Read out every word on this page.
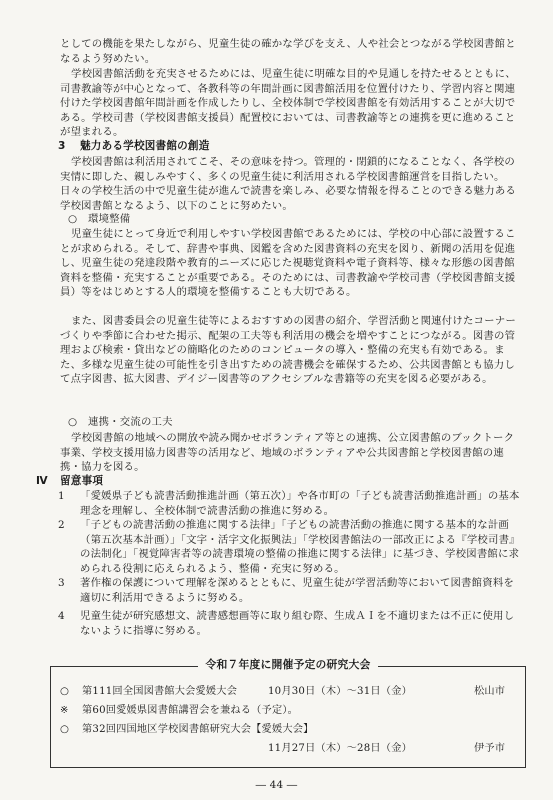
としての機能を果たしながら、児童生徒の確かな学びを支え、人や社会とつながる学校図書館となるよう努めたい。

学校図書館活動を充実させるためには、児童生徒に明確な目的や見通しを持たせるとともに、司書教諭等が中心となって、各教科等の年間計画に図書館活用を位置付けたり、学習内容と関連付けた学校図書館年間計画を作成したりし、全校体制で学校図書館を有効活用することが大切である。学校司書（学校図書館支援員）配置校においては、司書教諭等との連携を更に進めることが望まれる。

3 魅力ある学校図書館の創造

学校図書館は利活用されてこそ、その意味を持つ。管理的・閉鎖的になることなく、各学校の実情に即した、親しみやすく、多くの児童生徒に利活用される学校図書館運営を目指したい。日々の学校生活の中で児童生徒が進んで読書を楽しみ、必要な情報を得ることのできる魅力ある学校図書館となるよう、以下のことに努めたい。

○ 環境整備

児童生徒にとって身近で利用しやすい学校図書館であるためには、学校の中心部に設置することが求められる。そして、辞書や事典、図鑑を含めた図書資料の充実を図り、新聞の活用を促進し、児童生徒の発達段階や教育的ニーズに応じた視聴覚資料や電子資料等、様々な形態の図書館資料を整備・充実することが重要である。そのためには、司書教諭や学校司書（学校図書館支援員）等をはじめとする人的環境を整備することも大切である。

また、図書委員会の児童生徒等によるおすすめの図書の紹介、学習活動と関連付けたコーナーづくりや季節に合わせた掲示、配架の工夫等も利活用の機会を増やすことにつながる。図書の管理および検索・貸出などの簡略化のためのコンピュータの導入・整備の充実も有効である。また、多様な児童生徒の可能性を引き出すための読書機会を確保するため、公共図書館とも協力して点字図書、拡大図書、デイジー図書等のアクセシブルな書籍等の充実を図る必要がある。

○ 連携・交流の工夫

学校図書館の地域への開放や読み聞かせボランティア等との連携、公立図書館のブックトーク事業、学校支援用協力図書等の活用など、地域のボランティアや公共図書館と学校図書館の連携・協力を図る。

Ⅳ 留意事項
1	「愛媛県子ども読書活動推進計画（第五次）」や各市町の「子ども読書活動推進計画」の基本理念を理解し、全校体制で読書活動の推進に努める。
2	「子どもの読書活動の推進に関する法律」「子どもの読書活動の推進に関する基本的な計画（第五次基本計画）」「文字・活字文化振興法」「学校図書館法の一部改正による『学校司書』の法制化」「視覚障害者等の読書環境の整備の推進に関する法律」に基づき、学校図書館に求められる役割に応えられるよう、整備・充実に努める。
3	著作権の保護について理解を深めるとともに、児童生徒が学習活動等において図書館資料を適切に利活用できるように努める。
4	児童生徒が研究感想文、読書感想画等に取り組む際、生成ＡＩを不適切または不正に使用しないように指導に努める。
令和７年度に開催予定の研究大会
○ 第111回全国図書館大会愛媛大会	10月30日（木）～31日（金）	松山市
※ 第60回愛媛県図書館講習会を兼ねる（予定）。
○ 第32回四国地区学校図書館研究大会【愛媛大会】
11月27日（木）～28日（金）	伊予市
― 44 ―
